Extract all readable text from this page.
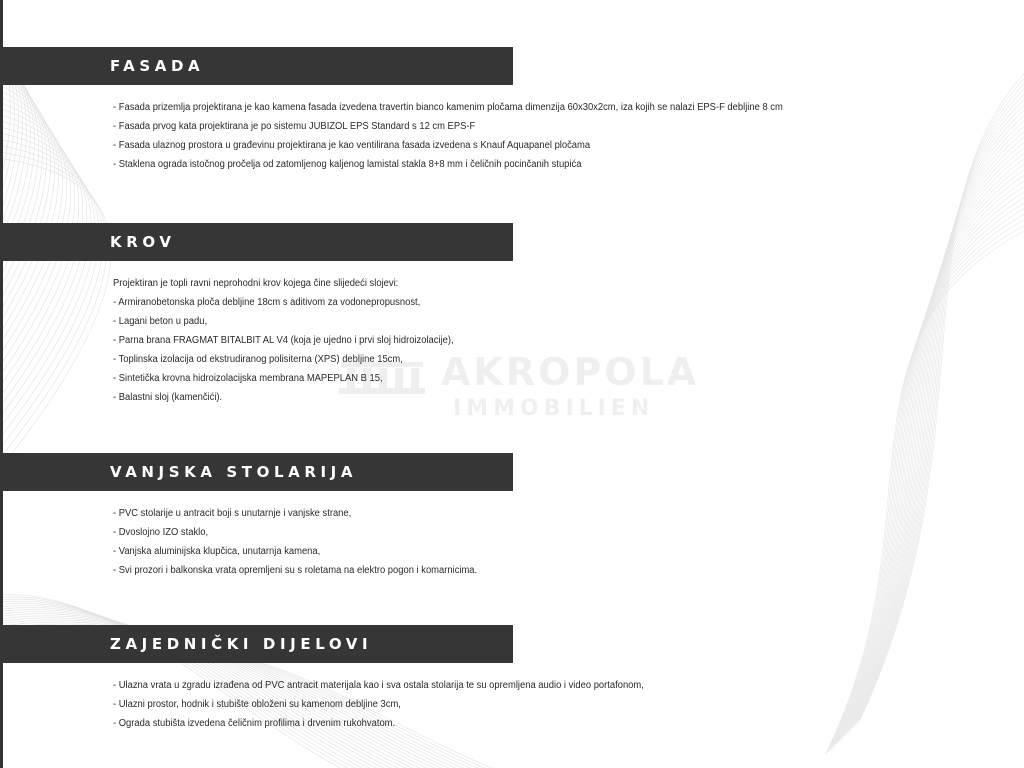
AKROPOLA
IMMOBILIEN
FASADA
- Fasada prizemlja projektirana je kao kamena fasada izvedena travertin bianco kamenim pločama dimenzija 60x30x2cm, iza kojih se nalazi EPS-F debljine 8 cm
- Fasada prvog kata projektirana je po sistemu JUBIZOL EPS Standard s 12 cm EPS-F
- Fasada ulaznog prostora u građevinu projektirana je kao ventilirana fasada izvedena s Knauf Aquapanel pločama
- Staklena ograda istočnog pročelja od zatomljenog kaljenog lamistal stakla 8+8 mm i čeličnih pocinčanih stupića
KROV
Projektiran je topli ravni neprohodni krov kojega čine slijedeći slojevi:
- Armiranobetonska ploča debljine 18cm s aditivom za vodonepropusnost,
- Lagani beton u padu,
- Parna brana FRAGMAT BITALBIT AL V4 (koja je ujedno i prvi sloj hidroizolacije),
- Toplinska izolacija od ekstrudiranog polisiterna (XPS) debljine 15cm,
- Sintetička krovna hidroizolacijska membrana MAPEPLAN B 15,
- Balastni sloj (kamenčići).
VANJSKA STOLARIJA
- PVC stolarije u antracit boji s unutarnje i vanjske strane,
- Dvoslojno IZO staklo,
- Vanjska aluminijska klupčica, unutarnja kamena,
- Svi prozori i balkonska vrata opremljeni su s roletama na elektro pogon i komarnicima.
ZAJEDNIČKI DIJELOVI
- Ulazna vrata u zgradu izrađena od PVC antracit materijala kao i sva ostala stolarija te su opremljena audio i video portafonom,
- Ulazni prostor, hodnik i stubište obloženi su kamenom debljine 3cm,
- Ograda stubišta izvedena čeličnim profilima i drvenim rukohvatom.
